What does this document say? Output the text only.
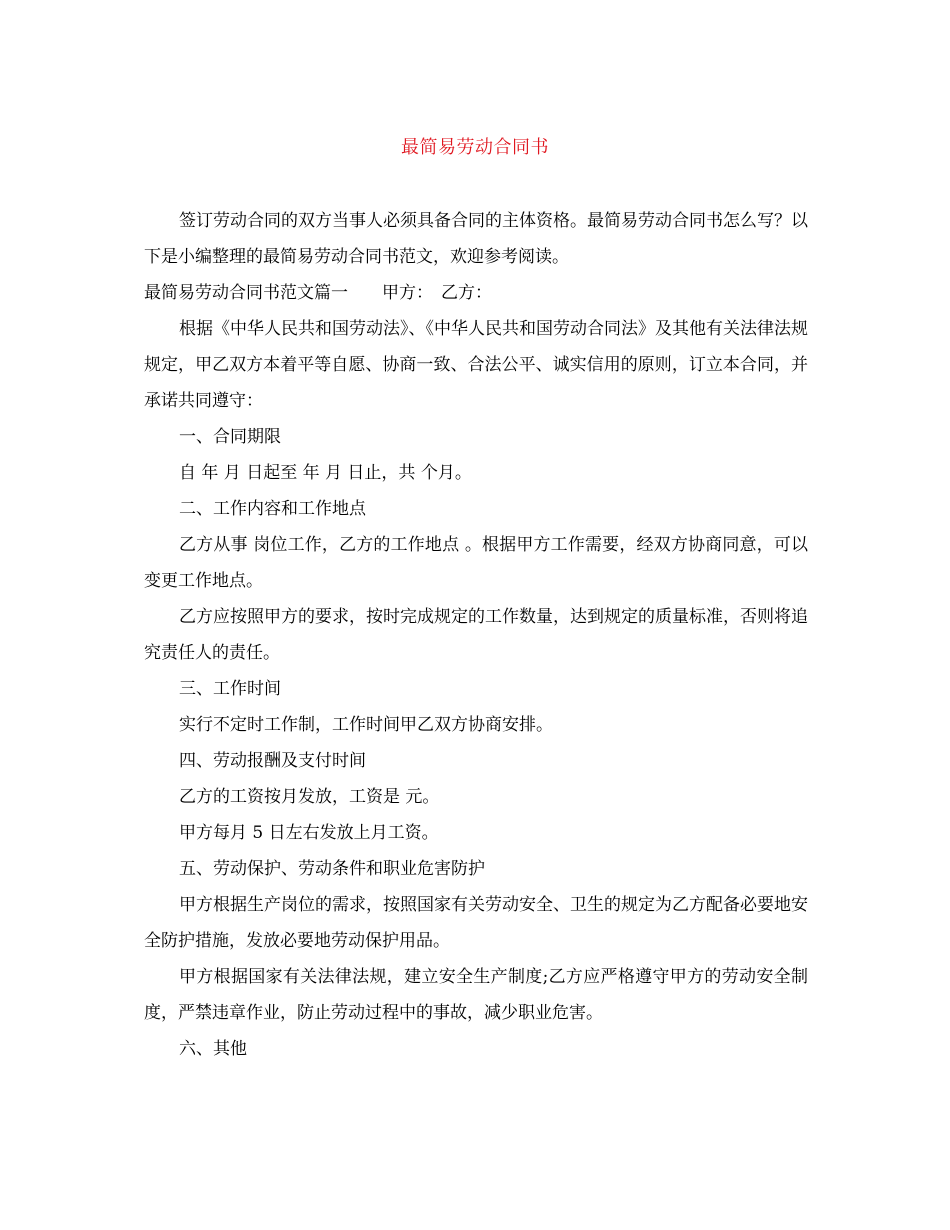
最简易劳动合同书

签订劳动合同的双方当事人必须具备合同的主体资格。最简易劳动合同书怎么写？以下是小编整理的最简易劳动合同书范文，欢迎参考阅读。

最简易劳动合同书范文篇一 甲方： 乙方：

根据《中华人民共和国劳动法》、《中华人民共和国劳动合同法》及其他有关法律法规规定，甲乙双方本着平等自愿、协商一致、合法公平、诚实信用的原则，订立本合同，并承诺共同遵守：

一、合同期限

自 年 月 日起至 年 月 日止，共 个月。

二、工作内容和工作地点

乙方从事 岗位工作，乙方的工作地点 。根据甲方工作需要，经双方协商同意，可以变更工作地点。

乙方应按照甲方的要求，按时完成规定的工作数量，达到规定的质量标准，否则将追究责任人的责任。

三、工作时间

实行不定时工作制，工作时间甲乙双方协商安排。

四、劳动报酬及支付时间

乙方的工资按月发放，工资是 元。

甲方每月 5 日左右发放上月工资。

五、劳动保护、劳动条件和职业危害防护

甲方根据生产岗位的需求，按照国家有关劳动安全、卫生的规定为乙方配备必要地安全防护措施，发放必要地劳动保护用品。

甲方根据国家有关法律法规，建立安全生产制度;乙方应严格遵守甲方的劳动安全制度，严禁违章作业，防止劳动过程中的事故，减少职业危害。

六、其他
